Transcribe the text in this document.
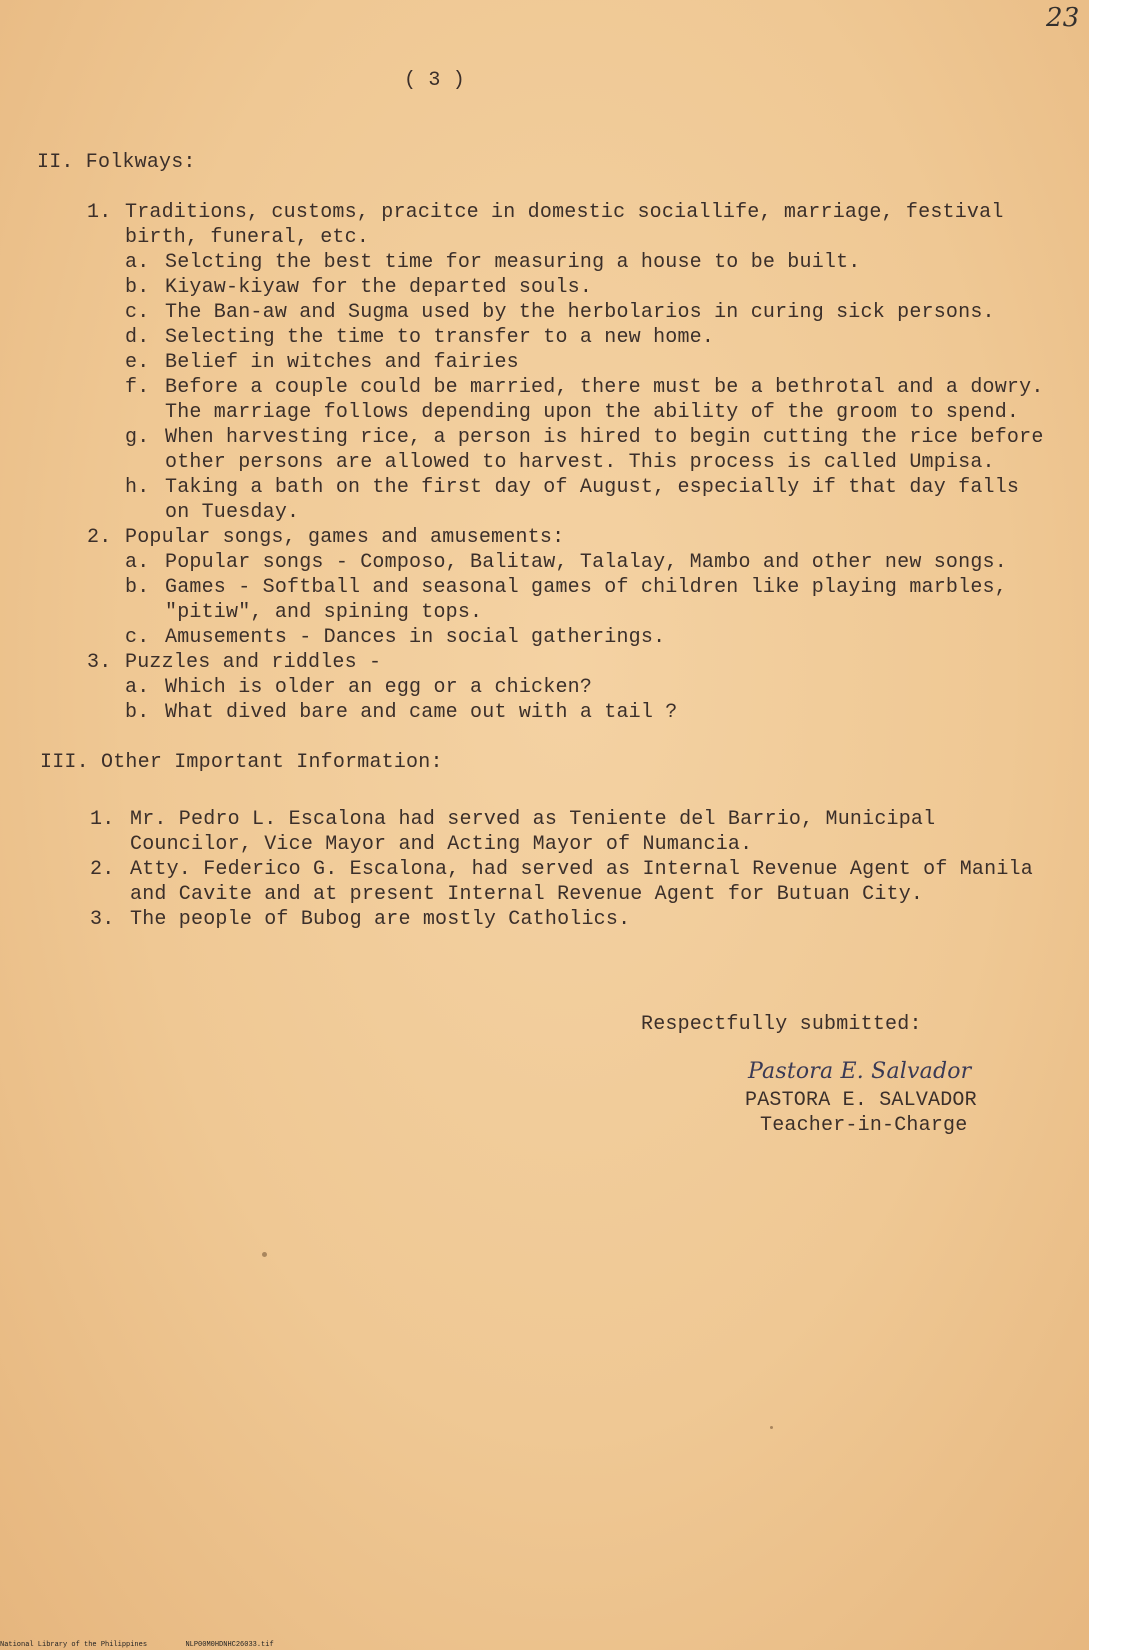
23
( 3 )
II. Folkways:
1. Traditions, customs, pracitce in domestic sociallife, marriage, festival
birth, funeral, etc.
a. Selcting the best time for measuring a house to be built.
b. Kiyaw-kiyaw for the departed souls.
c. The Ban-aw and Sugma used by the herbolarios in curing sick persons.
d. Selecting the time to transfer to a new home.
e. Belief in witches and fairies
f. Before a couple could be married, there must be a bethrotal and a dowry.
The marriage follows depending upon the ability of the groom to spend.
g. When harvesting rice, a person is hired to begin cutting the rice before
other persons are allowed to harvest. This process is called Umpisa.
h. Taking a bath on the first day of August, especially if that day falls
on Tuesday.
2. Popular songs, games and amusements:
a. Popular songs - Composo, Balitaw, Talalay, Mambo and other new songs.
b. Games - Softball and seasonal games of children like playing marbles,
"pitiw", and spining tops.
c. Amusements - Dances in social gatherings.
3. Puzzles and riddles -
a. Which is older an egg or a chicken?
b. What dived bare and came out with a tail ?
III. Other Important Information:
1. Mr. Pedro L. Escalona had served as Teniente del Barrio, Municipal
Councilor, Vice Mayor and Acting Mayor of Numancia.
2. Atty. Federico G. Escalona, had served as Internal Revenue Agent of Manila
and Cavite and at present Internal Revenue Agent for Butuan City.
3. The people of Bubog are mostly Catholics.
Respectfully submitted:
Pastora E. Salvador
PASTORA E. SALVADOR
Teacher-in-Charge
National Library of the Philippines	NLP00M0HDNHC26033.tif
